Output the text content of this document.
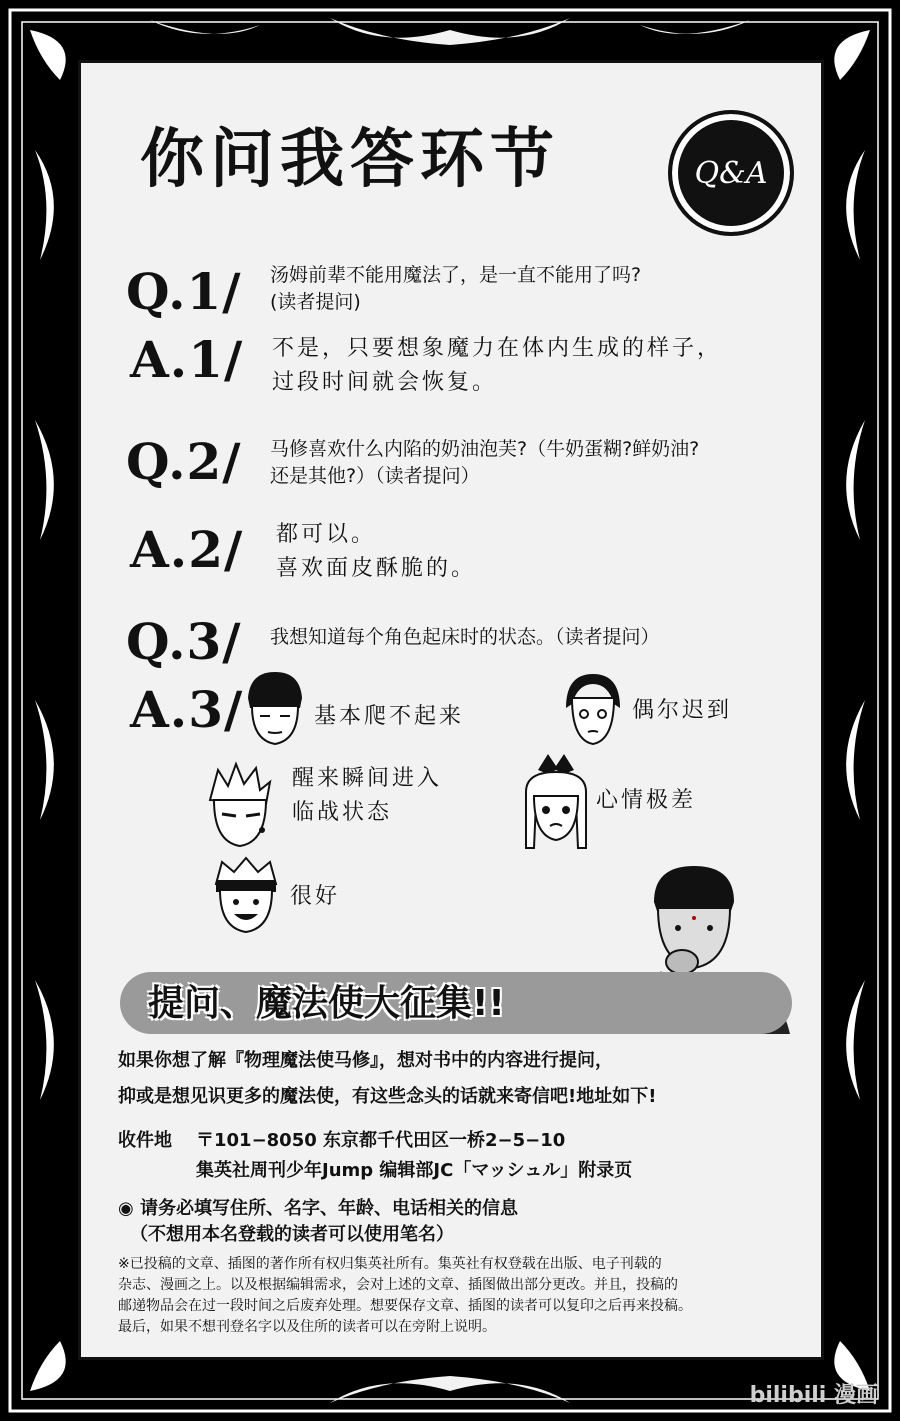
你问我答环节	Q&A
Q.1/ 汤姆前辈不能用魔法了，是一直不能用了吗?
(读者提问)
A.1/ 不是，只要想象魔力在体内生成的样子，
过段时间就会恢复。
Q.2/ 马修喜欢什么内陷的奶油泡芙?（牛奶蛋糊?鲜奶油?
还是其他?）（读者提问）
A.2/ 都可以。
喜欢面皮酥脆的。
Q.3/ 我想知道每个角色起床时的状态。（读者提问）
A.3/	基本爬不起来	偶尔迟到
醒来瞬间进入
临战状态	心情极差
很好
提问、魔法使大征集!!
如果你想了解『物理魔法使马修』，想对书中的内容进行提问，
抑或是想见识更多的魔法使，有这些念头的话就来寄信吧!地址如下!
收件地 〒101−8050 东京都千代田区一桥2−5−10
集英社周刊少年Jump 编辑部JC「マッシュル」附录页
◉ 请务必填写住所、名字、年龄、电话相关的信息
（不想用本名登载的读者可以使用笔名）
※已投稿的文章、插图的著作所有权归集英社所有。集英社有权登载在出版、电子刊载的
杂志、漫画之上。以及根据编辑需求，会对上述的文章、插图做出部分更改。并且，投稿的
邮递物品会在过一段时间之后废弃处理。想要保存文章、插图的读者可以复印之后再来投稿。
最后，如果不想刊登名字以及住所的读者可以在旁附上说明。
bilibili 漫画
